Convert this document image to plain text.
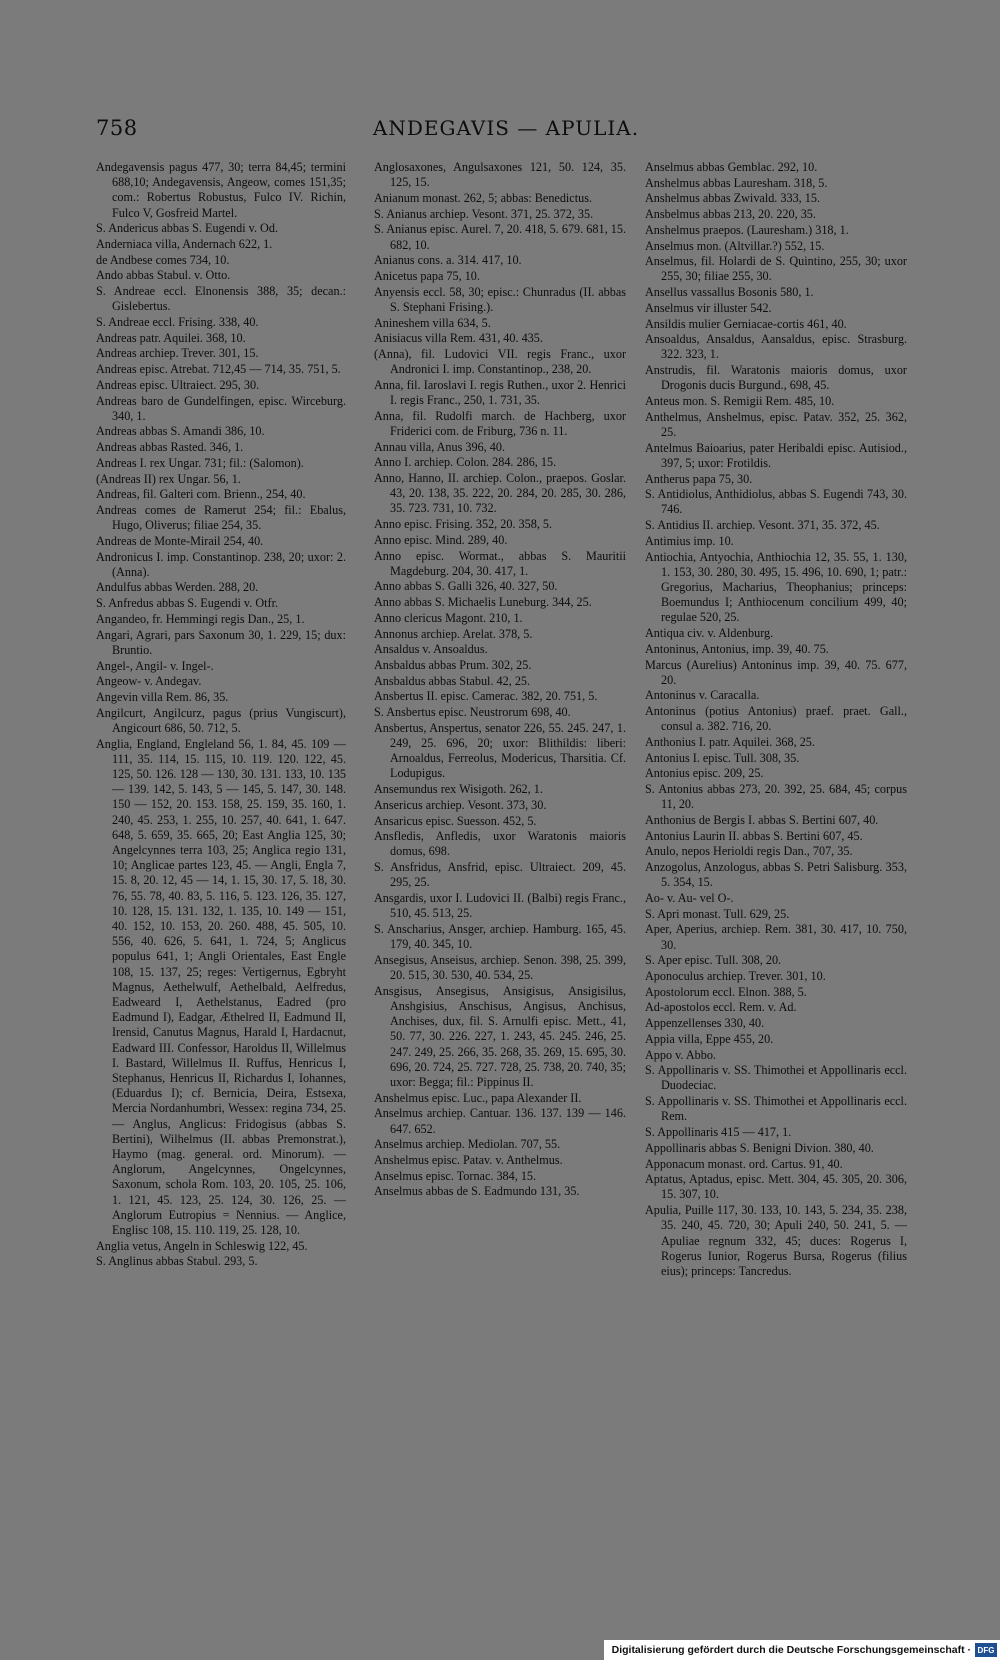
758	ANDEGAVIS — APULIA.
Andegavensis pagus 477, 30; terra 84,45; termini 688,10; Andegavensis, Angeow, comes 151,35; com.: Robertus Robustus, Fulco IV. Richin, Fulco V, Gosfreid Martel.
S. Andericus abbas S. Eugendi v. Od.
Anderniaca villa, Andernach 622, 1.
de Andbese comes 734, 10.
Ando abbas Stabul. v. Otto.
S. Andreae eccl. Elnonensis 388, 35; decan.: Gislebertus.
S. Andreae eccl. Frising. 338, 40.
Andreas patr. Aquilei. 368, 10.
Andreas archiep. Trever. 301, 15.
Andreas episc. Atrebat. 712,45 — 714, 35. 751, 5.
Andreas episc. Ultraiect. 295, 30.
Andreas baro de Gundelfingen, episc. Wirceburg. 340, 1.
Andreas abbas S. Amandi 386, 10.
Andreas abbas Rasted. 346, 1.
Andreas I. rex Ungar. 731; fil.: (Salomon).
(Andreas II) rex Ungar. 56, 1.
Andreas, fil. Galteri com. Brienn., 254, 40.
Andreas comes de Ramerut 254; fil.: Ebalus, Hugo, Oliverus; filiae 254, 35.
Andreas de Monte-Mirail 254, 40.
Andronicus I. imp. Constantinop. 238, 20; uxor: 2. (Anna).
Andulfus abbas Werden. 288, 20.
S. Anfredus abbas S. Eugendi v. Otfr.
Angandeo, fr. Hemmingi regis Dan., 25, 1.
Angari, Agrari, pars Saxonum 30, 1. 229, 15; dux: Bruntio.
Angel-, Angil- v. Ingel-.
Angeow- v. Andegav.
Angevin villa Rem. 86, 35.
Angilcurt, Angilcurz, pagus (prius Vungiscurt), Angicourt 686, 50. 712, 5.
Anglia, England, Engleland 56, 1. 84, 45. 109 — 111, 35. 114, 15. 115, 10. 119. 120. 122, 45. 125, 50. 126. 128 — 130, 30. 131. 133, 10. 135 — 139. 142, 5. 143, 5 — 145, 5. 147, 30. 148. 150 — 152, 20. 153. 158, 25. 159, 35. 160, 1. 240, 45. 253, 1. 255, 10. 257, 40. 641, 1. 647. 648, 5. 659, 35. 665, 20; East Anglia 125, 30; Angelcynnes terra 103, 25; Anglica regio 131, 10; Anglicae partes 123, 45. — Angli, Engla 7, 15. 8, 20. 12, 45 — 14, 1. 15, 30. 17, 5. 18, 30. 76, 55. 78, 40. 83, 5. 116, 5. 123. 126, 35. 127, 10. 128, 15. 131. 132, 1. 135, 10. 149 — 151, 40. 152, 10. 153, 20. 260. 488, 45. 505, 10. 556, 40. 626, 5. 641, 1. 724, 5; Anglicus populus 641, 1; Angli Orientales, East Engle 108, 15. 137, 25; reges: Vertigernus, Egbryht Magnus, Aethelwulf, Aethelbald, Aelfredus, Eadweard I, Aethelstanus, Eadred (pro Eadmund I), Eadgar, Æthelred II, Eadmund II, Irensid, Canutus Magnus, Harald I, Hardacnut, Eadward III. Confessor, Haroldus II, Willelmus I. Bastard, Willelmus II. Ruffus, Henricus I, Stephanus, Henricus II, Richardus I, Iohannes, (Eduardus I); cf. Bernicia, Deira, Estsexa, Mercia Nordanhumbri, Wessex: regina 734, 25. — Anglus, Anglicus: Fridogisus (abbas S. Bertini), Wilhelmus (II. abbas Premonstrat.), Haymo (mag. general. ord. Minorum). — Anglorum, Angelcynnes, Ongelcynnes, Saxonum, schola Rom. 103, 20. 105, 25. 106, 1. 121, 45. 123, 25. 124, 30. 126, 25. — Anglorum Eutropius = Nennius. — Anglice, Englisc 108, 15. 110. 119, 25. 128, 10.
Anglia vetus, Angeln in Schleswig 122, 45.
S. Anglinus abbas Stabul. 293, 5.
Anglosaxones, Angulsaxones 121, 50. 124, 35. 125, 15.
Anianum monast. 262, 5; abbas: Benedictus.
S. Anianus archiep. Vesont. 371, 25. 372, 35.
S. Anianus episc. Aurel. 7, 20. 418, 5. 679. 681, 15. 682, 10.
Anianus cons. a. 314. 417, 10.
Anicetus papa 75, 10.
Anyensis eccl. 58, 30; episc.: Chunradus (II. abbas S. Stephani Frising.).
Anineshem villa 634, 5.
Anisiacus villa Rem. 431, 40. 435.
(Anna), fil. Ludovici VII. regis Franc., uxor Andronici I. imp. Constantinop., 238, 20.
Anna, fil. Iaroslavi I. regis Ruthen., uxor 2. Henrici I. regis Franc., 250, 1. 731, 35.
Anna, fil. Rudolfi march. de Hachberg, uxor Friderici com. de Friburg, 736 n. 11.
Annau villa, Anus 396, 40.
Anno I. archiep. Colon. 284. 286, 15.
Anno, Hanno, II. archiep. Colon., praepos. Goslar. 43, 20. 138, 35. 222, 20. 284, 20. 285, 30. 286, 35. 723. 731, 10. 732.
Anno episc. Frising. 352, 20. 358, 5.
Anno episc. Mind. 289, 40.
Anno episc. Wormat., abbas S. Mauritii Magdeburg. 204, 30. 417, 1.
Anno abbas S. Galli 326, 40. 327, 50.
Anno abbas S. Michaelis Luneburg. 344, 25.
Anno clericus Magont. 210, 1.
Annonus archiep. Arelat. 378, 5.
Ansaldus v. Ansoaldus.
Ansbaldus abbas Prum. 302, 25.
Ansbaldus abbas Stabul. 42, 25.
Ansbertus II. episc. Camerac. 382, 20. 751, 5.
S. Ansbertus episc. Neustrorum 698, 40.
Ansbertus, Anspertus, senator 226, 55. 245. 247, 1. 249, 25. 696, 20; uxor: Blithildis: liberi: Arnoaldus, Ferreolus, Modericus, Tharsitia. Cf. Lodupigus.
Ansemundus rex Wisigoth. 262, 1.
Ansericus archiep. Vesont. 373, 30.
Ansaricus episc. Suesson. 452, 5.
Ansfledis, Anfledis, uxor Waratonis maioris domus, 698.
S. Ansfridus, Ansfrid, episc. Ultraiect. 209, 45. 295, 25.
Ansgardis, uxor I. Ludovici II. (Balbi) regis Franc., 510, 45. 513, 25.
S. Anscharius, Ansger, archiep. Hamburg. 165, 45. 179, 40. 345, 10.
Ansegisus, Anseisus, archiep. Senon. 398, 25. 399, 20. 515, 30. 530, 40. 534, 25.
Ansgisus, Ansegisus, Ansigisus, Ansigisilus, Anshgisius, Anschisus, Angisus, Anchisus, Anchises, dux, fil. S. Arnulfi episc. Mett., 41, 50. 77, 30. 226. 227, 1. 243, 45. 245. 246, 25. 247. 249, 25. 266, 35. 268, 35. 269, 15. 695, 30. 696, 20. 724, 25. 727. 728, 25. 738, 20. 740, 35; uxor: Begga; fil.: Pippinus II.
Anshelmus episc. Luc., papa Alexander II.
Anselmus archiep. Cantuar. 136. 137. 139 — 146. 647. 652.
Anselmus archiep. Mediolan. 707, 55.
Anshelmus episc. Patav. v. Anthelmus.
Anselmus episc. Tornac. 384, 15.
Anselmus abbas de S. Eadmundo 131, 35.
Anselmus abbas Gemblac. 292, 10.
Anshelmus abbas Lauresham. 318, 5.
Anshelmus abbas Zwivald. 333, 15.
Ansbelmus abbas 213, 20. 220, 35.
Anshelmus praepos. (Lauresham.) 318, 1.
Anselmus mon. (Altvillar.?) 552, 15.
Anselmus, fil. Holardi de S. Quintino, 255, 30; uxor 255, 30; filiae 255, 30.
Ansellus vassallus Bosonis 580, 1.
Anselmus vir illuster 542.
Ansildis mulier Gerniacae-cortis 461, 40.
Ansoaldus, Ansaldus, Aansaldus, episc. Strasburg. 322. 323, 1.
Anstrudis, fil. Waratonis maioris domus, uxor Drogonis ducis Burgund., 698, 45.
Anteus mon. S. Remigii Rem. 485, 10.
Anthelmus, Anshelmus, episc. Patav. 352, 25. 362, 25.
Antelmus Baioarius, pater Heribaldi episc. Autisiod., 397, 5; uxor: Frotildis.
Antherus papa 75, 30.
S. Antidiolus, Anthidiolus, abbas S. Eugendi 743, 30. 746.
S. Antidius II. archiep. Vesont. 371, 35. 372, 45.
Antimius imp. 10.
Antiochia, Antyochia, Anthiochia 12, 35. 55, 1. 130, 1. 153, 30. 280, 30. 495, 15. 496, 10. 690, 1; patr.: Gregorius, Macharius, Theophanius; princeps: Boemundus I; Anthiocenum concilium 499, 40; regulae 520, 25.
Antiqua civ. v. Aldenburg.
Antoninus, Antonius, imp. 39, 40. 75.
Marcus (Aurelius) Antoninus imp. 39, 40. 75. 677, 20.
Antoninus v. Caracalla.
Antoninus (potius Antonius) praef. praet. Gall., consul a. 382. 716, 20.
Anthonius I. patr. Aquilei. 368, 25.
Antonius I. episc. Tull. 308, 35.
Antonius episc. 209, 25.
S. Antonius abbas 273, 20. 392, 25. 684, 45; corpus 11, 20.
Anthonius de Bergis I. abbas S. Bertini 607, 40.
Antonius Laurin II. abbas S. Bertini 607, 45.
Anulo, nepos Herioldi regis Dan., 707, 35.
Anzogolus, Anzologus, abbas S. Petri Salisburg. 353, 5. 354, 15.
Ao- v. Au- vel O-.
S. Apri monast. Tull. 629, 25.
Aper, Aperius, archiep. Rem. 381, 30. 417, 10. 750, 30.
S. Aper episc. Tull. 308, 20.
Aponoculus archiep. Trever. 301, 10.
Apostolorum eccl. Elnon. 388, 5.
Ad-apostolos eccl. Rem. v. Ad.
Appenzellenses 330, 40.
Appia villa, Eppe 455, 20.
Appo v. Abbo.
S. Appollinaris v. SS. Thimothei et Appollinaris eccl. Duodeciac.
S. Appollinaris v. SS. Thimothei et Appollinaris eccl. Rem.
S. Appollinaris 415 — 417, 1.
Appollinaris abbas S. Benigni Divion. 380, 40.
Apponacum monast. ord. Cartus. 91, 40.
Aptatus, Aptadus, episc. Mett. 304, 45. 305, 20. 306, 15. 307, 10.
Apulia, Puille 117, 30. 133, 10. 143, 5. 234, 35. 238, 35. 240, 45. 720, 30; Apuli 240, 50. 241, 5. — Apuliae regnum 332, 45; duces: Rogerus I, Rogerus Iunior, Rogerus Bursa, Rogerus (filius eius); princeps: Tancredus.
Digitalisierung gefördert durch die Deutsche Forschungsgemeinschaft · DFG
